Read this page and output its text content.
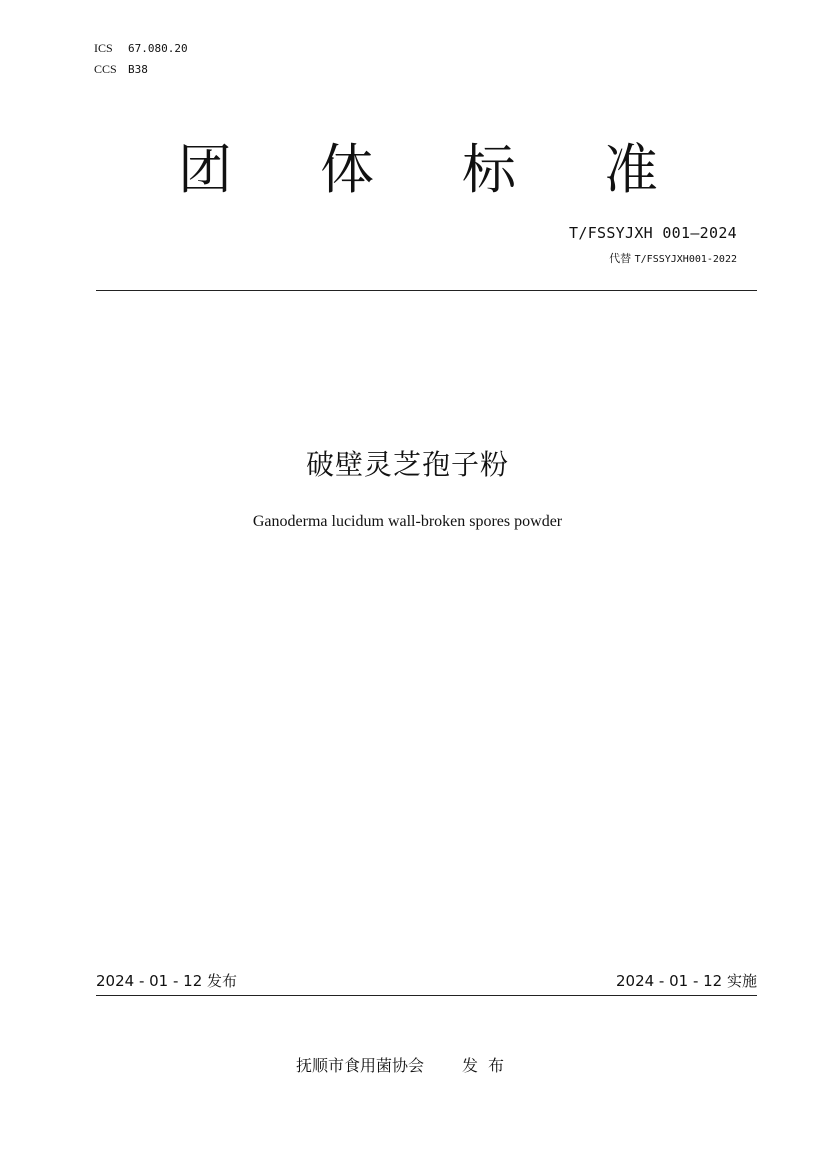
ICS 67.080.20
CCS B38
团 体 标 准
T/FSSYJXH 001—2024
代替 T/FSSYJXH001-2022
破壁灵芝孢子粉
Ganoderma lucidum wall-broken spores powder
2024 - 01 - 12 发布	2024 - 01 - 12 实施
抚顺市食用菌协会 发布
